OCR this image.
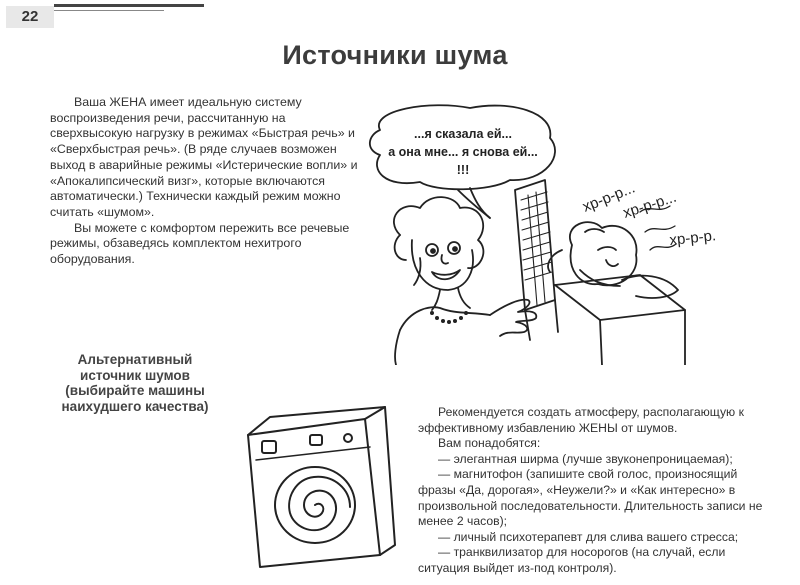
22
Источники шума

Ваша ЖЕНА имеет идеальную систему воспроизведения речи, рассчитанную на сверхвысокую нагрузку в режимах «Быстрая речь» и «Сверхбыстрая речь». (В ряде случаев возможен выход в аварийные режимы «Истерические вопли» и «Апокалипсический визг», которые включаются автоматически.) Технически каждый режим можно считать «шумом».

Вы можете с комфортом пережить все речевые режимы, обзаведясь комплектом нехитрого оборудования.

...я сказала ей...
а она мне... я снова ей...
!!!
хр-р-р...
хр-р-р...
хр-р-р.
Альтернативный
источник шумов
(выбирайте машины
наихудшего качества)	Рекомендуется создать атмосферу, располагающую к эффективному избавлению ЖЕНЫ от шумов.

Вам понадобятся:

— элегантная ширма (лучше звуконепроницаемая);

— магнитофон (запишите свой голос, произносящий фразы «Да, дорогая», «Неужели?» и «Как интересно» в произвольной последовательности. Длительность записи не менее 2 часов);

— личный психотерапевт для слива вашего стресса;

— транквилизатор для носорогов (на случай, если ситуация выйдет из-под контроля).
